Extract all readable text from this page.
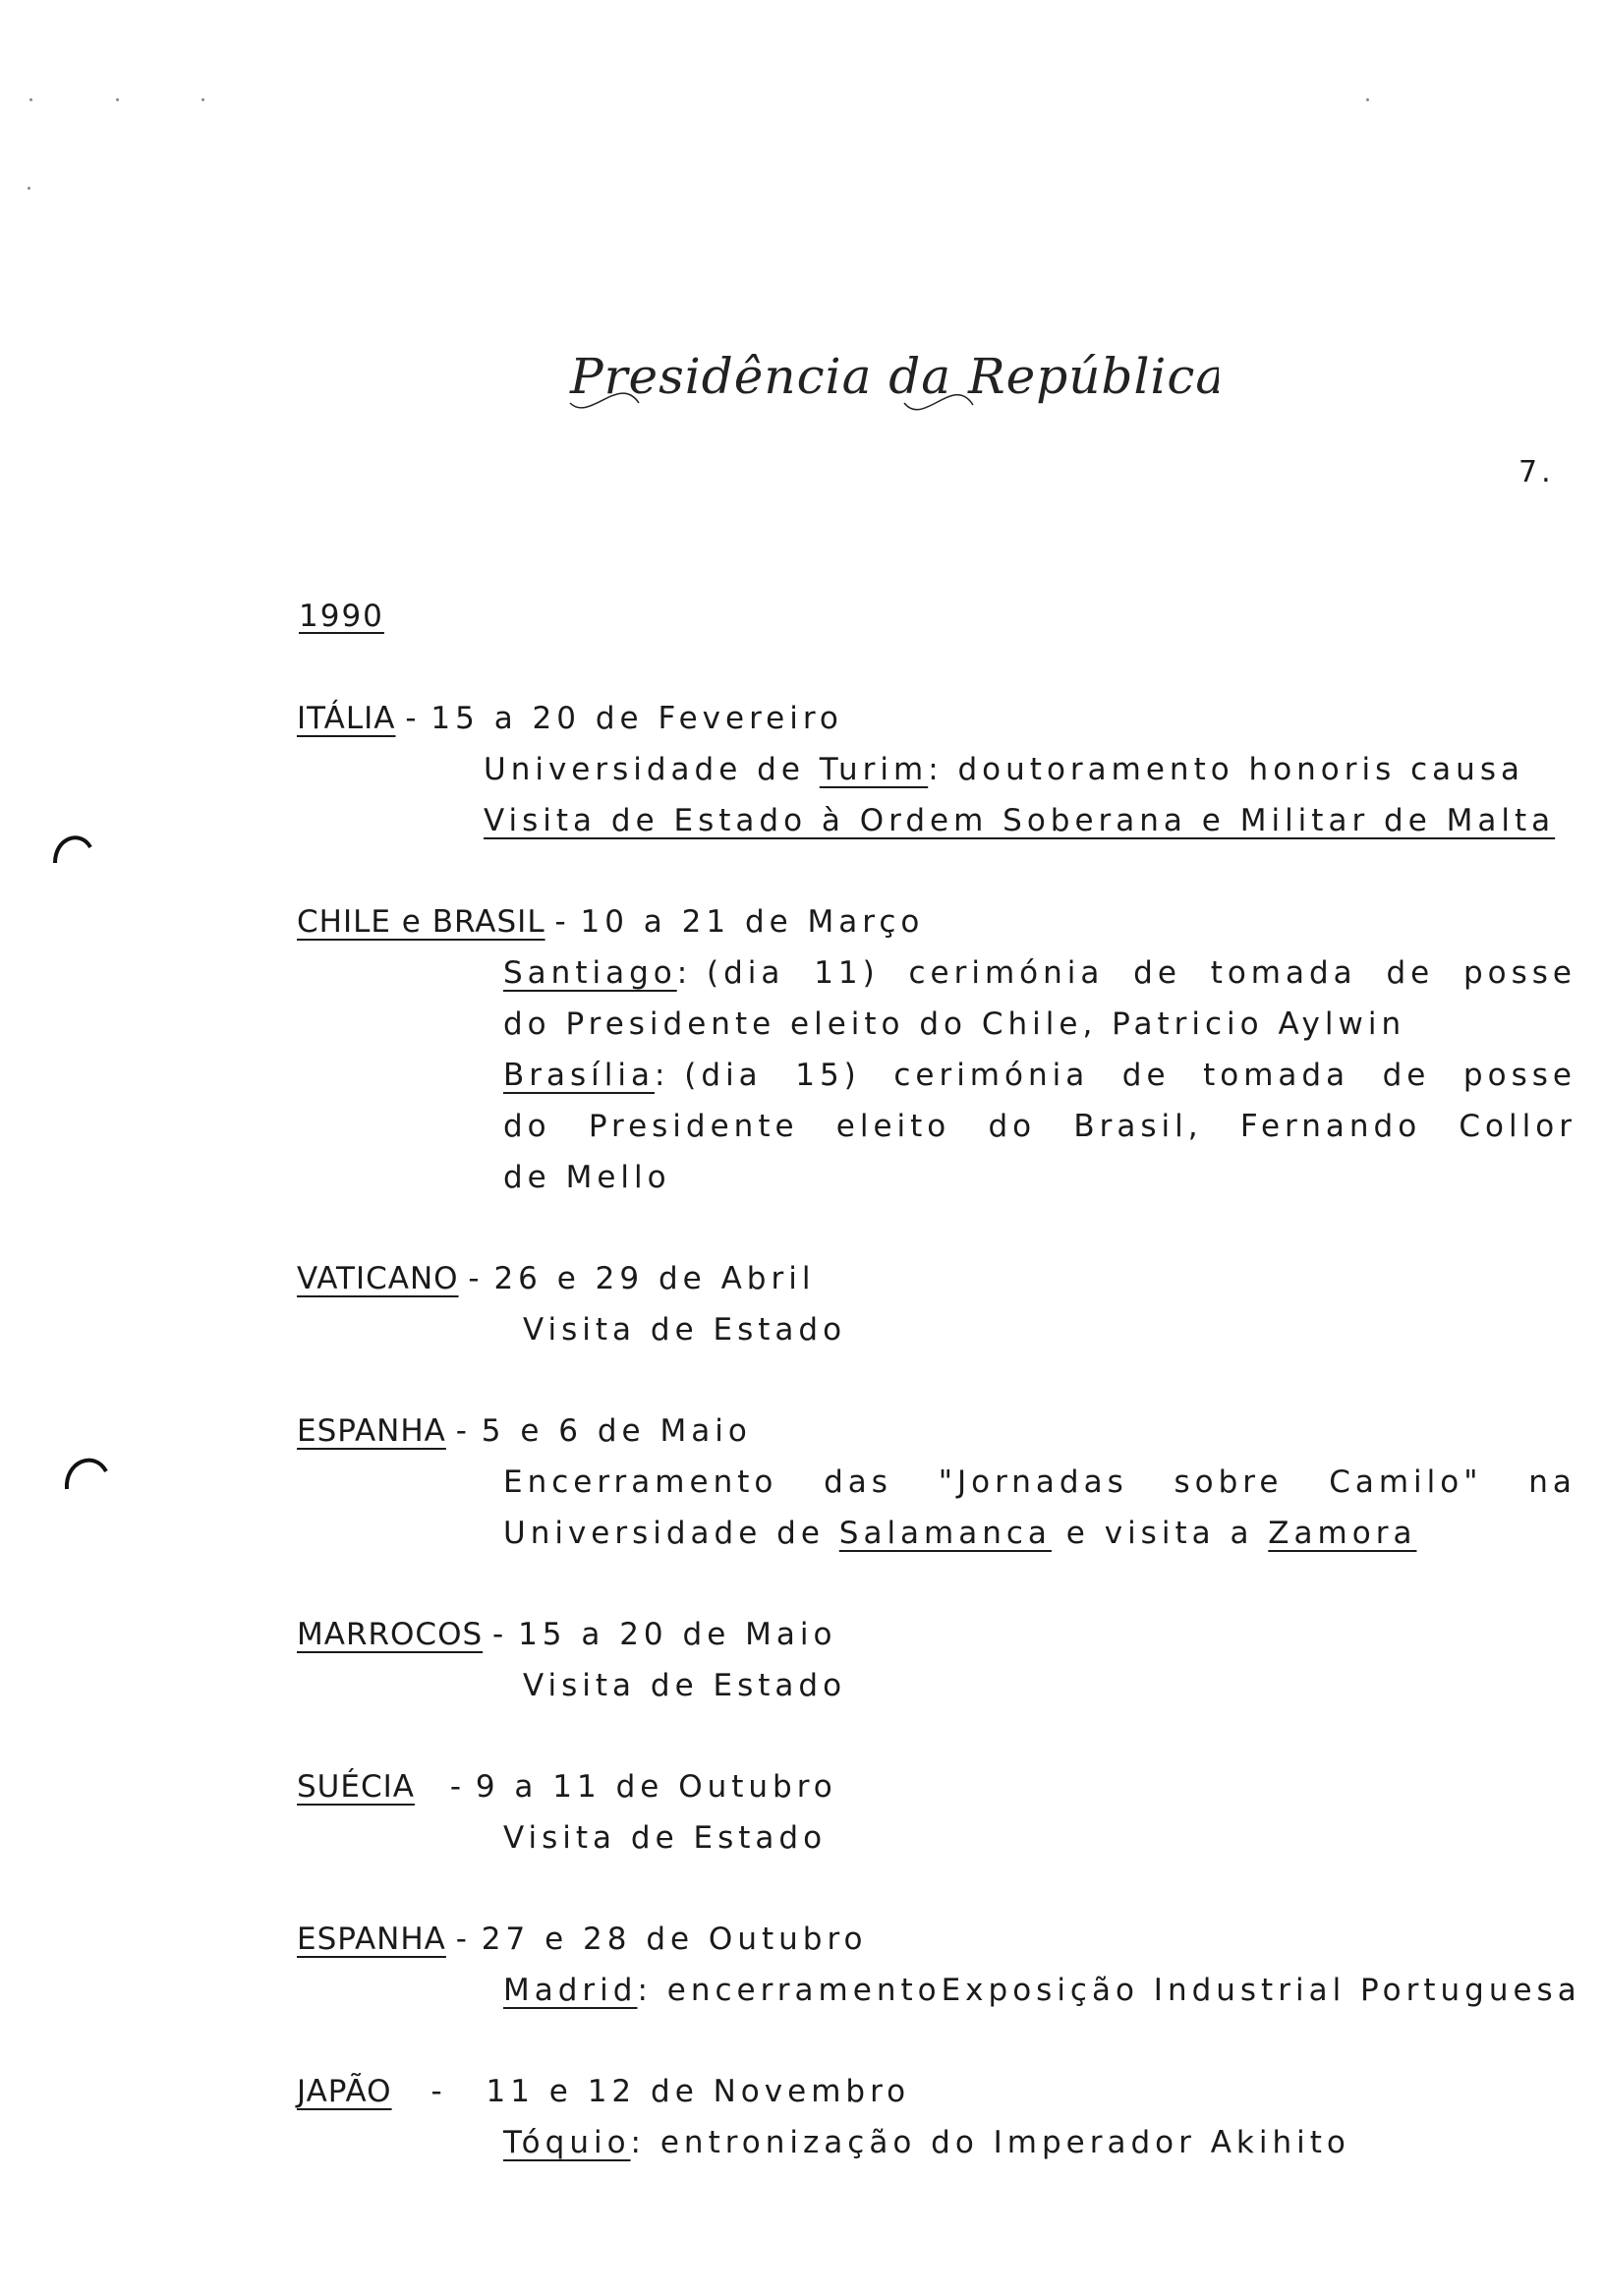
Presidência da República
7.
1990
ITÁLIA - 15 a 20 de Fevereiro
Universidade de Turim: doutoramento honoris causa
Visita de Estado à Ordem Soberana e Militar de Malta
CHILE e BRASIL - 10 a 21 de Março
Santiago: (dia 11) cerimónia de tomada de posse
do Presidente eleito do Chile, Patricio Aylwin
Brasília: (dia 15) cerimónia de tomada de posse
do Presidente eleito do Brasil, Fernando Collor
de Mello
VATICANO - 26 e 29 de Abril
Visita de Estado
ESPANHA - 5 e 6 de Maio
Encerramento das "Jornadas sobre Camilo" na
Universidade de Salamanca e visita a Zamora
MARROCOS - 15 a 20 de Maio
Visita de Estado
SUÉCIA - 9 a 11 de Outubro
Visita de Estado
ESPANHA - 27 e 28 de Outubro
Madrid: encerramento Exposição Industrial Portuguesa
JAPÃO - 11 e 12 de Novembro
Tóquio: entronização do Imperador Akihito
